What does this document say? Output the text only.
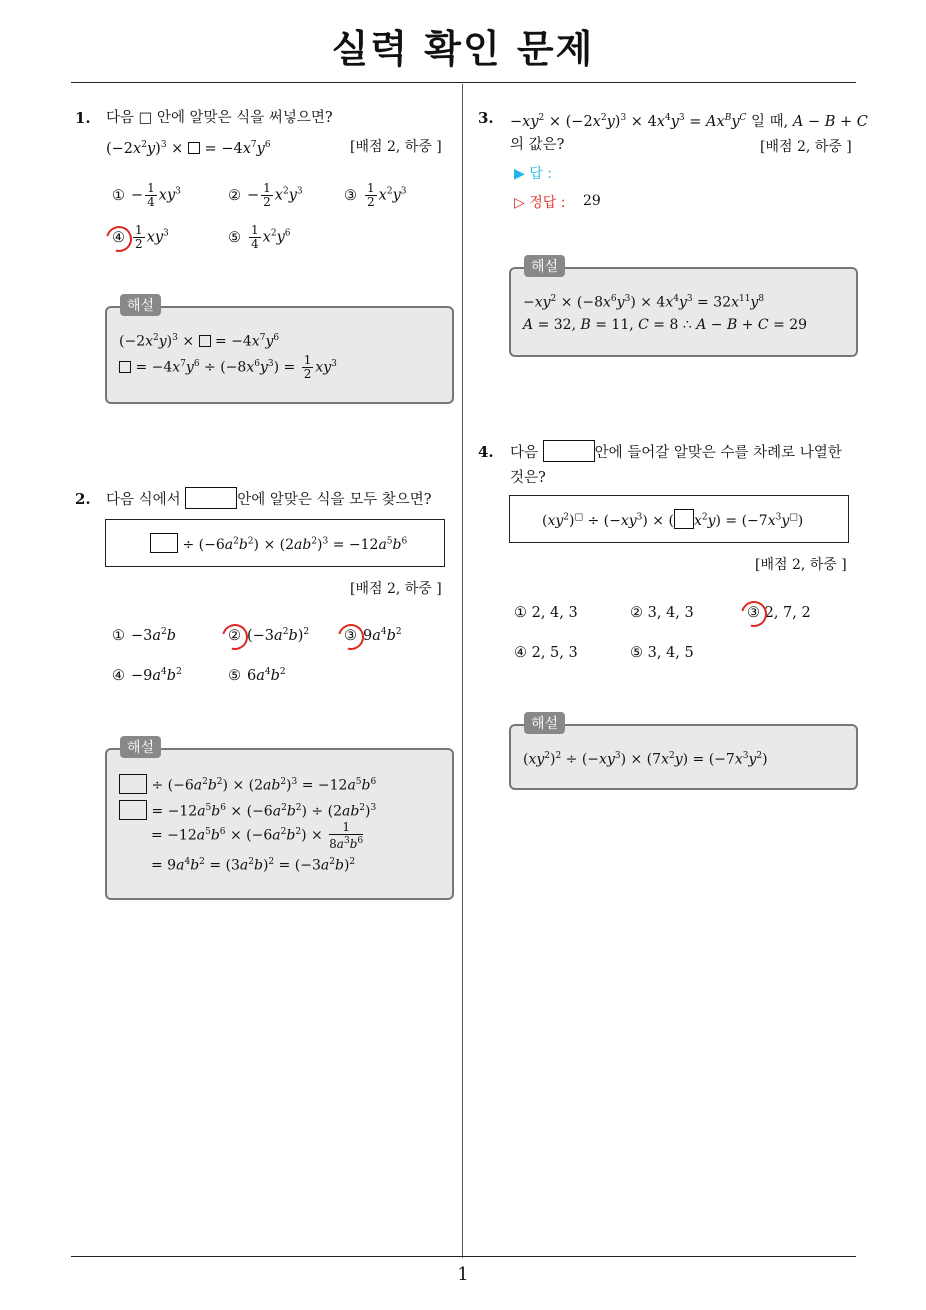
실력 확인 문제
1
1. 다음 □ 안에 알맞은 식을 써넣으면?
$(-2x^2y)^3$ ×  = $-4x^7y^6$	[배점 2, 하중 ]
① − $\frac{1}{4} xy^3$	② − $\frac{1}{2} x^2y^3$	③ $\frac{1}{2} x^2y^3$
④ $\frac{1}{2} xy^3$	⑤ $\frac{1}{4} x^2y^6$
$(-2x^2y)^3$ ×  = $-4x^7y^6$
= $-4x^7y^6 \div (-8x^6y^3) = \frac{1}{2} xy^3$
해설
2. 다음 식에서	안에 알맞은 식을 모두 찾으면?
÷ $(-6a^2b^2) \times (2ab^2)^3 = -12a^5b^6$
[배점 2, 하중 ]
① $-3a^2b$	② $(-3a^2b)^2$ ③ $9a^4b^2$
④ $-9a^4b^2$	⑤ $6a^4b^2$
÷ $(-6a^2b^2) \times (2ab^2)^3 = -12a^5b^6$
= $-12a^5b^6 \times (-6a^2b^2) \div (2ab^2)^3$
= $-12a^5b^6 \times (-6a^2b^2) \times \frac{1}{8a^3b^6}$
= $9a^4b^2 = (3a^2b)^2 = (-3a^2b)^2$
해설
3. $-xy^2 \times (-2x^2y)^3 \times 4x^4y^3 = Ax^By^C$ 일 때, A − B + C
의 값은?	[배점 2, 하중 ]
▶ 답 :
▷ 정답 : 29
$-xy^2 \times (-8x^6y^3) \times 4x^4y^3 = 32x^{11}y^8$
A = 32, B = 11, C = 8 ∴ A − B + C = 29
해설
4. 다음	안에 들어갈 알맞은 수를 차례로 나열한
것은?
$(xy^2)^□ \div (-xy^3)$ × ( $x^2y) = (-7x^3y^□)$
[배점 2, 하중 ]
① 2, 4, 3	② 3, 4, 3	③ 2, 7, 2
④ 2, 5, 3	⑤ 3, 4, 5
$(xy^2)^2 \div (-xy^3) \times (7x^2y) = (-7x^3y^2)$
해설
